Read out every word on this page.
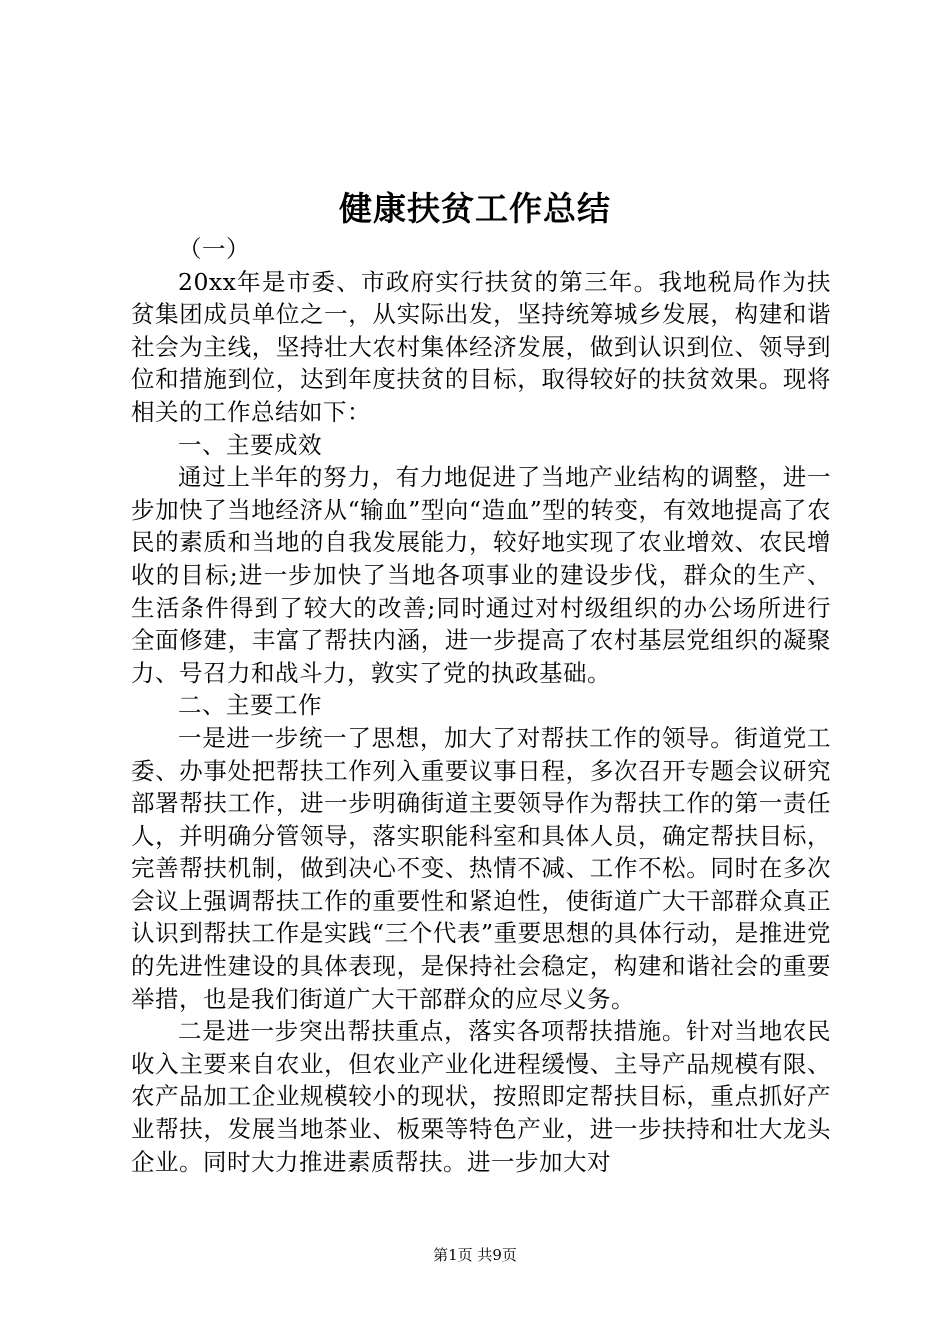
健康扶贫工作总结

（一）

20xx年是市委、市政府实行扶贫的第三年。我地税局作为扶贫集团成员单位之一，从实际出发，坚持统筹城乡发展，构建和谐社会为主线，坚持壮大农村集体经济发展，做到认识到位、领导到位和措施到位，达到年度扶贫的目标，取得较好的扶贫效果。现将相关的工作总结如下：

一、主要成效

通过上半年的努力，有力地促进了当地产业结构的调整，进一步加快了当地经济从“输血”型向“造血”型的转变，有效地提高了农民的素质和当地的自我发展能力，较好地实现了农业增效、农民增收的目标;进一步加快了当地各项事业的建设步伐，群众的生产、生活条件得到了较大的改善;同时通过对村级组织的办公场所进行全面修建，丰富了帮扶内涵，进一步提高了农村基层党组织的凝聚力、号召力和战斗力，敦实了党的执政基础。

二、主要工作

一是进一步统一了思想，加大了对帮扶工作的领导。街道党工委、办事处把帮扶工作列入重要议事日程，多次召开专题会议研究部署帮扶工作，进一步明确街道主要领导作为帮扶工作的第一责任人，并明确分管领导，落实职能科室和具体人员，确定帮扶目标，完善帮扶机制，做到决心不变、热情不减、工作不松。同时在多次会议上强调帮扶工作的重要性和紧迫性，使街道广大干部群众真正认识到帮扶工作是实践“三个代表”重要思想的具体行动，是推进党的先进性建设的具体表现，是保持社会稳定，构建和谐社会的重要举措，也是我们街道广大干部群众的应尽义务。

二是进一步突出帮扶重点，落实各项帮扶措施。针对当地农民收入主要来自农业，但农业产业化进程缓慢、主导产品规模有限、农产品加工企业规模较小的现状，按照即定帮扶目标，重点抓好产业帮扶，发展当地茶业、板栗等特色产业，进一步扶持和壮大龙头企业。同时大力推进素质帮扶。进一步加大对

第1页 共9页
